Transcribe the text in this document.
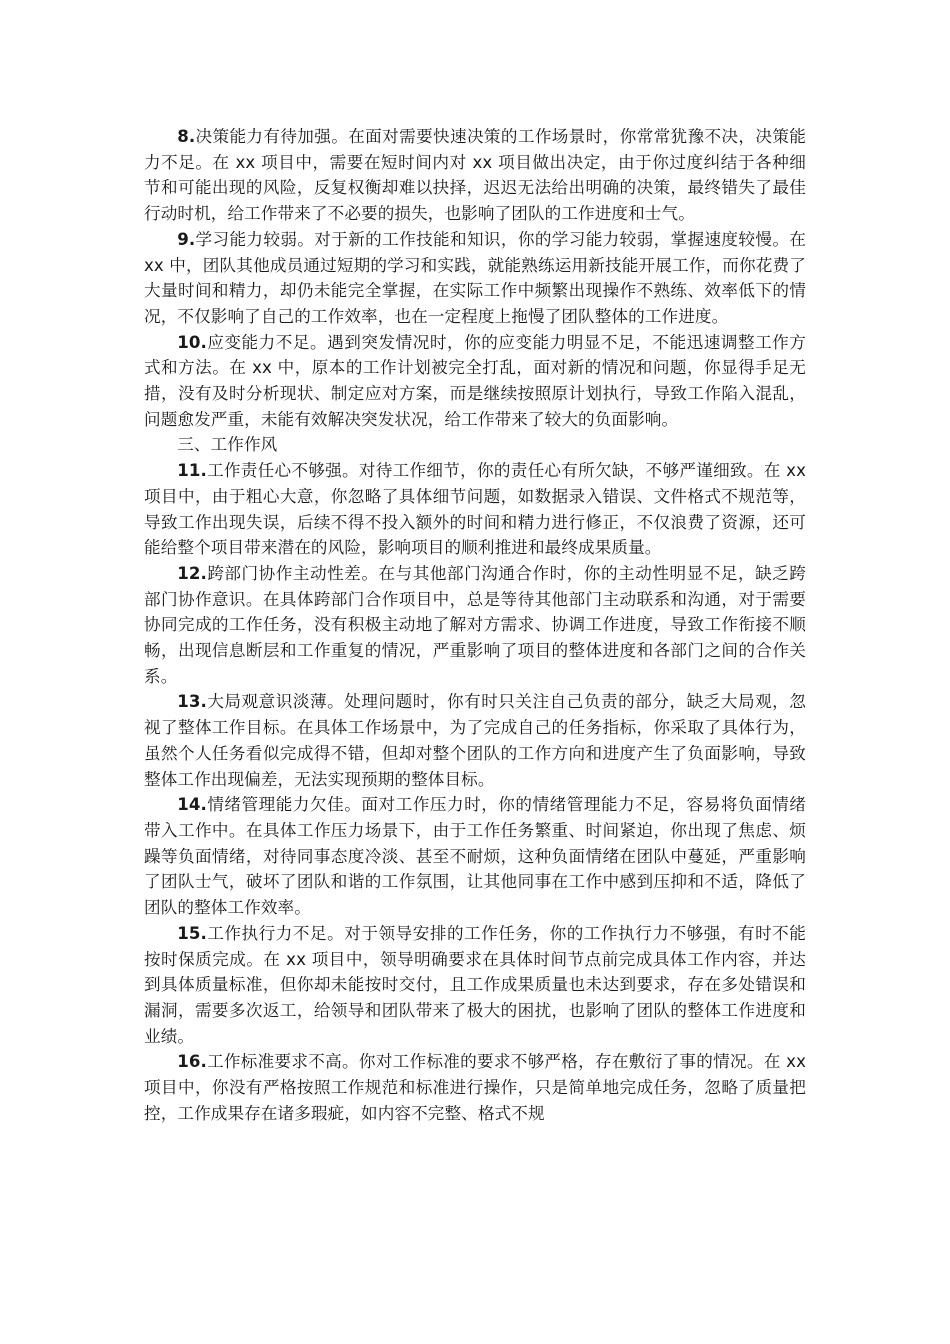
8.决策能力有待加强。在面对需要快速决策的工作场景时，你常常犹豫不决，决策能力不足。在 xx 项目中，需要在短时间内对 xx 项目做出决定，由于你过度纠结于各种细节和可能出现的风险，反复权衡却难以抉择，迟迟无法给出明确的决策，最终错失了最佳行动时机，给工作带来了不必要的损失，也影响了团队的工作进度和士气。

9.学习能力较弱。对于新的工作技能和知识，你的学习能力较弱，掌握速度较慢。在 xx 中，团队其他成员通过短期的学习和实践，就能熟练运用新技能开展工作，而你花费了大量时间和精力，却仍未能完全掌握，在实际工作中频繁出现操作不熟练、效率低下的情况，不仅影响了自己的工作效率，也在一定程度上拖慢了团队整体的工作进度。

10.应变能力不足。遇到突发情况时，你的应变能力明显不足，不能迅速调整工作方式和方法。在 xx 中，原本的工作计划被完全打乱，面对新的情况和问题，你显得手足无措，没有及时分析现状、制定应对方案，而是继续按照原计划执行，导致工作陷入混乱，问题愈发严重，未能有效解决突发状况，给工作带来了较大的负面影响。

三、工作作风

11.工作责任心不够强。对待工作细节，你的责任心有所欠缺，不够严谨细致。在 xx 项目中，由于粗心大意，你忽略了具体细节问题，如数据录入错误、文件格式不规范等，导致工作出现失误，后续不得不投入额外的时间和精力进行修正，不仅浪费了资源，还可能给整个项目带来潜在的风险，影响项目的顺利推进和最终成果质量。

12.跨部门协作主动性差。在与其他部门沟通合作时，你的主动性明显不足，缺乏跨部门协作意识。在具体跨部门合作项目中，总是等待其他部门主动联系和沟通，对于需要协同完成的工作任务，没有积极主动地了解对方需求、协调工作进度，导致工作衔接不顺畅，出现信息断层和工作重复的情况，严重影响了项目的整体进度和各部门之间的合作关系。

13.大局观意识淡薄。处理问题时，你有时只关注自己负责的部分，缺乏大局观，忽视了整体工作目标。在具体工作场景中，为了完成自己的任务指标，你采取了具体行为，虽然个人任务看似完成得不错，但却对整个团队的工作方向和进度产生了负面影响，导致整体工作出现偏差，无法实现预期的整体目标。

14.情绪管理能力欠佳。面对工作压力时，你的情绪管理能力不足，容易将负面情绪带入工作中。在具体工作压力场景下，由于工作任务繁重、时间紧迫，你出现了焦虑、烦躁等负面情绪，对待同事态度冷淡、甚至不耐烦，这种负面情绪在团队中蔓延，严重影响了团队士气，破坏了团队和谐的工作氛围，让其他同事在工作中感到压抑和不适，降低了团队的整体工作效率。

15.工作执行力不足。对于领导安排的工作任务，你的工作执行力不够强，有时不能按时保质完成。在 xx 项目中，领导明确要求在具体时间节点前完成具体工作内容，并达到具体质量标准，但你却未能按时交付，且工作成果质量也未达到要求，存在多处错误和漏洞，需要多次返工，给领导和团队带来了极大的困扰，也影响了团队的整体工作进度和业绩。

16.工作标准要求不高。你对工作标准的要求不够严格，存在敷衍了事的情况。在 xx 项目中，你没有严格按照工作规范和标准进行操作，只是简单地完成任务，忽略了质量把控，工作成果存在诸多瑕疵，如内容不完整、格式不规
